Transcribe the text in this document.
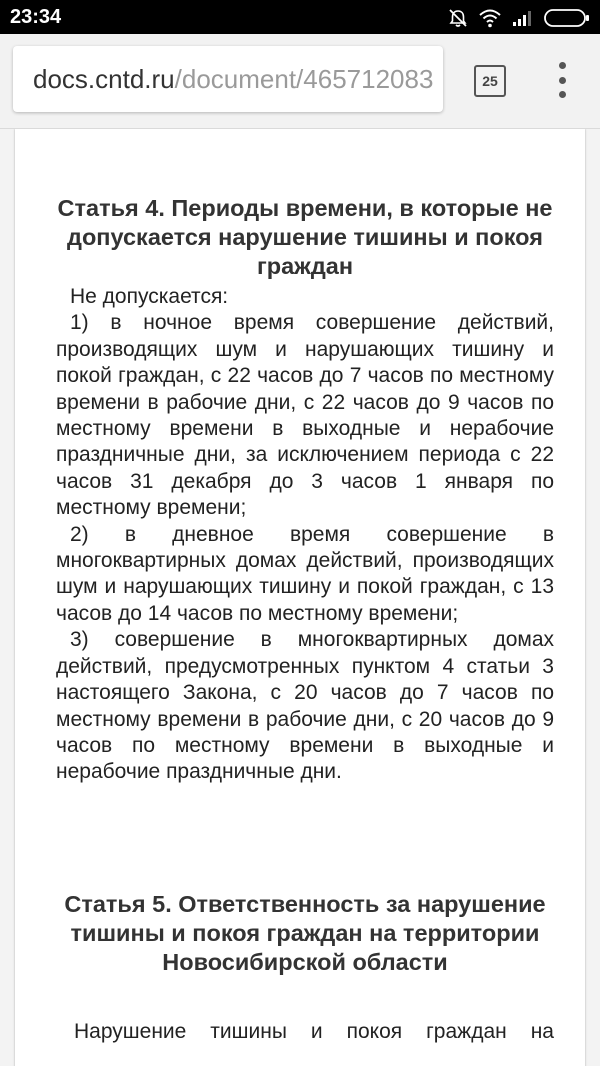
23:34
docs.cntd.ru/document/465712083	25
Статья 4. Периоды времени, в которые не допускается нарушение тишины и покоя граждан

Не допускается:

1) в ночное время совершение действий, производящих шум и нарушающих тишину и покой граждан, с 22 часов до 7 часов по местному времени в рабочие дни, с 22 часов до 9 часов по местному времени в выходные и нерабочие праздничные дни, за исключением периода с 22 часов 31 декабря до 3 часов 1 января по местному времени;

2) в дневное время совершение в многоквартирных домах действий, производящих шум и нарушающих тишину и покой граждан, с 13 часов до 14 часов по местному времени;

3) совершение в многоквартирных домах действий, предусмотренных пунктом 4 статьи 3 настоящего Закона, с 20 часов до 7 часов по местному времени в рабочие дни, с 20 часов до 9 часов по местному времени в выходные и нерабочие праздничные дни.

Статья 5. Ответственность за нарушение тишины и покоя граждан на территории Новосибирской области

Нарушение тишины и покоя граждан на
